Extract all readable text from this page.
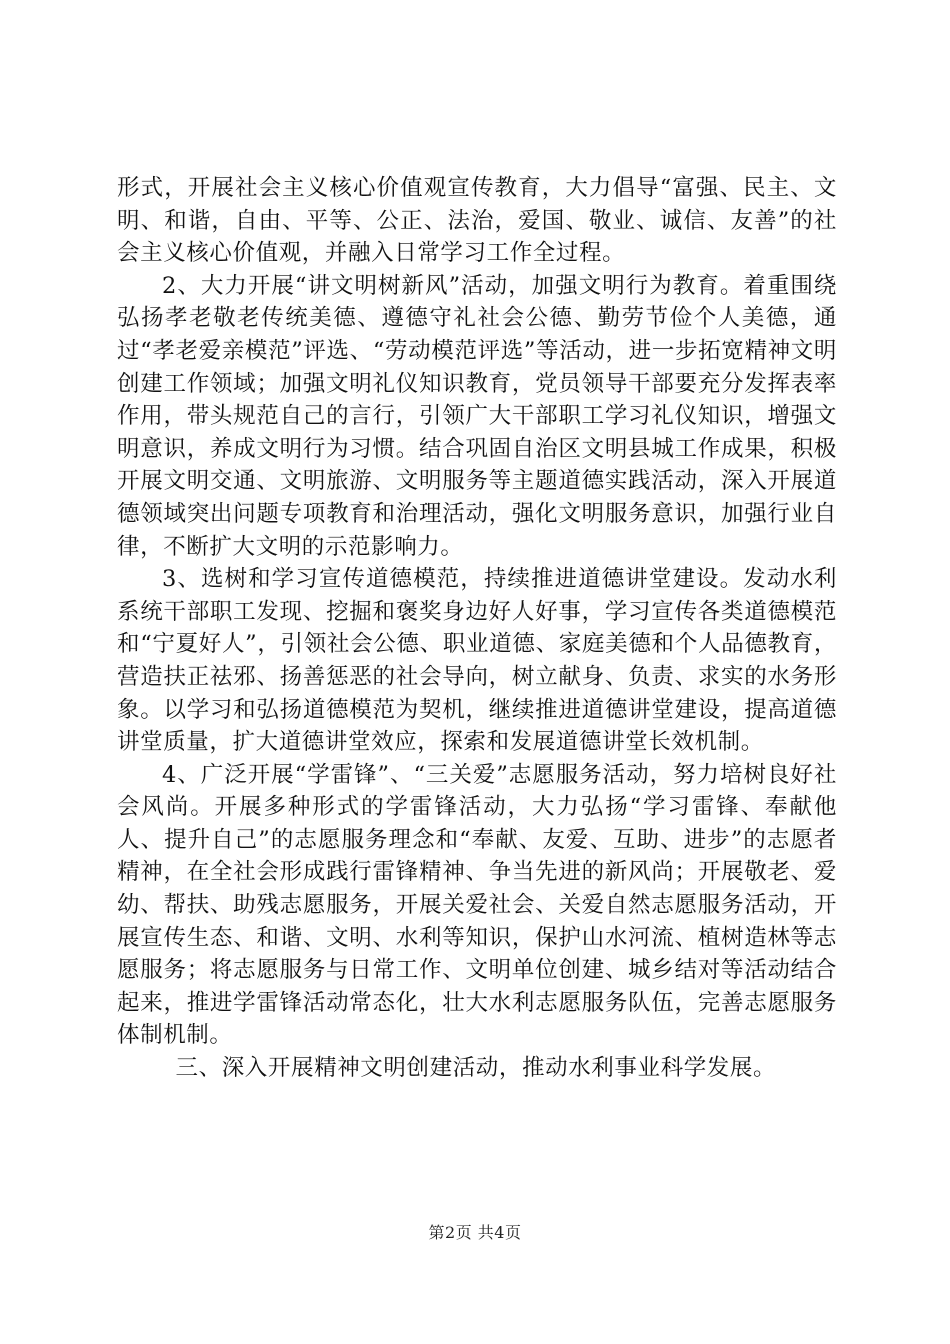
形式，开展社会主义核心价值观宣传教育，大力倡导“富强、民主、文明、和谐，自由、平等、公正、法治，爱国、敬业、诚信、友善”的社会主义核心价值观，并融入日常学习工作全过程。

2、大力开展“讲文明树新风”活动，加强文明行为教育。着重围绕弘扬孝老敬老传统美德、遵德守礼社会公德、勤劳节俭个人美德，通过“孝老爱亲模范”评选、“劳动模范评选”等活动，进一步拓宽精神文明创建工作领域；加强文明礼仪知识教育，党员领导干部要充分发挥表率作用，带头规范自己的言行，引领广大干部职工学习礼仪知识，增强文明意识，养成文明行为习惯。结合巩固自治区文明县城工作成果，积极开展文明交通、文明旅游、文明服务等主题道德实践活动，深入开展道德领域突出问题专项教育和治理活动，强化文明服务意识，加强行业自律，不断扩大文明的示范影响力。

3、选树和学习宣传道德模范，持续推进道德讲堂建设。发动水利系统干部职工发现、挖掘和褒奖身边好人好事，学习宣传各类道德模范和“宁夏好人”，引领社会公德、职业道德、家庭美德和个人品德教育，营造扶正祛邪、扬善惩恶的社会导向，树立献身、负责、求实的水务形象。以学习和弘扬道德模范为契机，继续推进道德讲堂建设，提高道德讲堂质量，扩大道德讲堂效应，探索和发展道德讲堂长效机制。

4、广泛开展“学雷锋”、“三关爱”志愿服务活动，努力培树良好社会风尚。开展多种形式的学雷锋活动，大力弘扬“学习雷锋、奉献他人、提升自己”的志愿服务理念和“奉献、友爱、互助、进步”的志愿者精神，在全社会形成践行雷锋精神、争当先进的新风尚；开展敬老、爱幼、帮扶、助残志愿服务，开展关爱社会、关爱自然志愿服务活动，开展宣传生态、和谐、文明、水利等知识，保护山水河流、植树造林等志愿服务；将志愿服务与日常工作、文明单位创建、城乡结对等活动结合起来，推进学雷锋活动常态化，壮大水利志愿服务队伍，完善志愿服务体制机制。

三、深入开展精神文明创建活动，推动水利事业科学发展。

第2页 共4页
